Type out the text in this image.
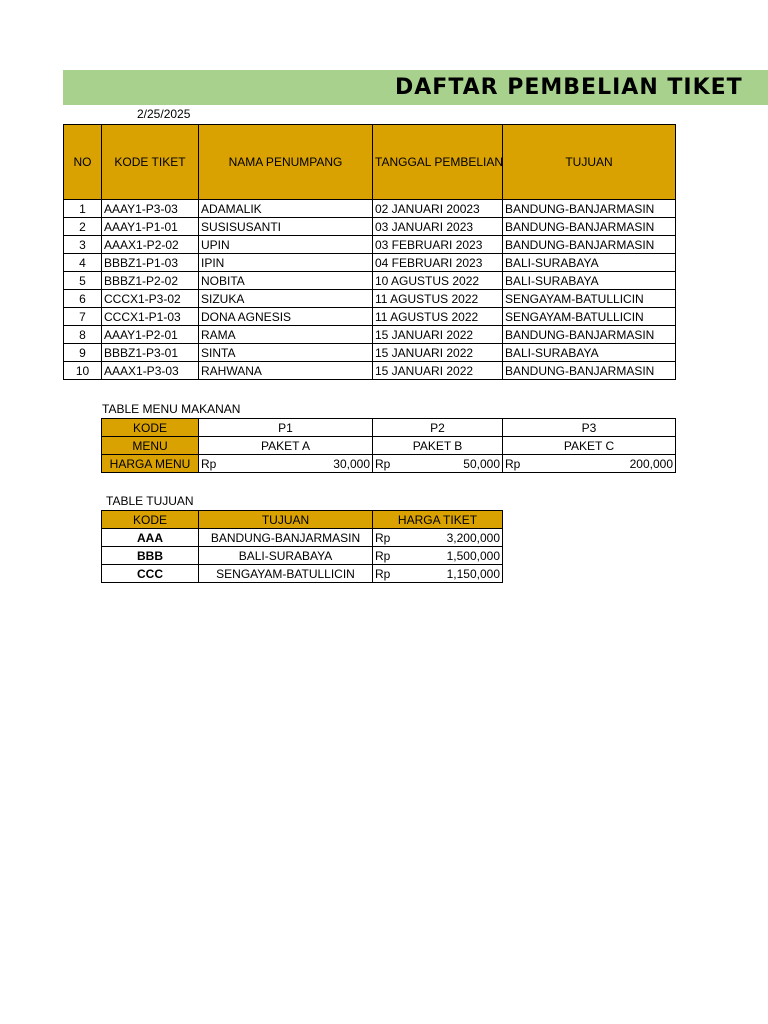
DAFTAR PEMBELIAN TIKET
2/25/2025
NO	KODE TIKET	NAMA PENUMPANG	TANGGAL PEMBELIAN	TUJUAN
1	AAAY1-P3-03	ADAMALIK	02 JANUARI 20023	BANDUNG-BANJARMASIN
2	AAAY1-P1-01	SUSISUSANTI	03 JANUARI 2023	BANDUNG-BANJARMASIN
3	AAAX1-P2-02	UPIN	03 FEBRUARI 2023	BANDUNG-BANJARMASIN
4	BBBZ1-P1-03	IPIN	04 FEBRUARI 2023	BALI-SURABAYA
5	BBBZ1-P2-02	NOBITA	10 AGUSTUS 2022	BALI-SURABAYA
6	CCCX1-P3-02	SIZUKA	11 AGUSTUS 2022	SENGAYAM-BATULLICIN
7	CCCX1-P1-03	DONA AGNESIS	11 AGUSTUS 2022	SENGAYAM-BATULLICIN
8	AAAY1-P2-01	RAMA	15 JANUARI 2022	BANDUNG-BANJARMASIN
9	BBBZ1-P3-01	SINTA	15 JANUARI 2022	BALI-SURABAYA
10	AAAX1-P3-03	RAHWANA	15 JANUARI 2022	BANDUNG-BANJARMASIN
TABLE MENU MAKANAN
KODE	P1	P2	P3
MENU	PAKET A	PAKET B	PAKET C
HARGA MENU	Rp 30,000	Rp 50,000	Rp 200,000
TABLE TUJUAN
KODE	TUJUAN	HARGA TIKET
AAA	BANDUNG-BANJARMASIN	Rp 3,200,000

BBB	BALI-SURABAYA	Rp 1,500,000

CCC	SENGAYAM-BATULLICIN	Rp 1,150,000
